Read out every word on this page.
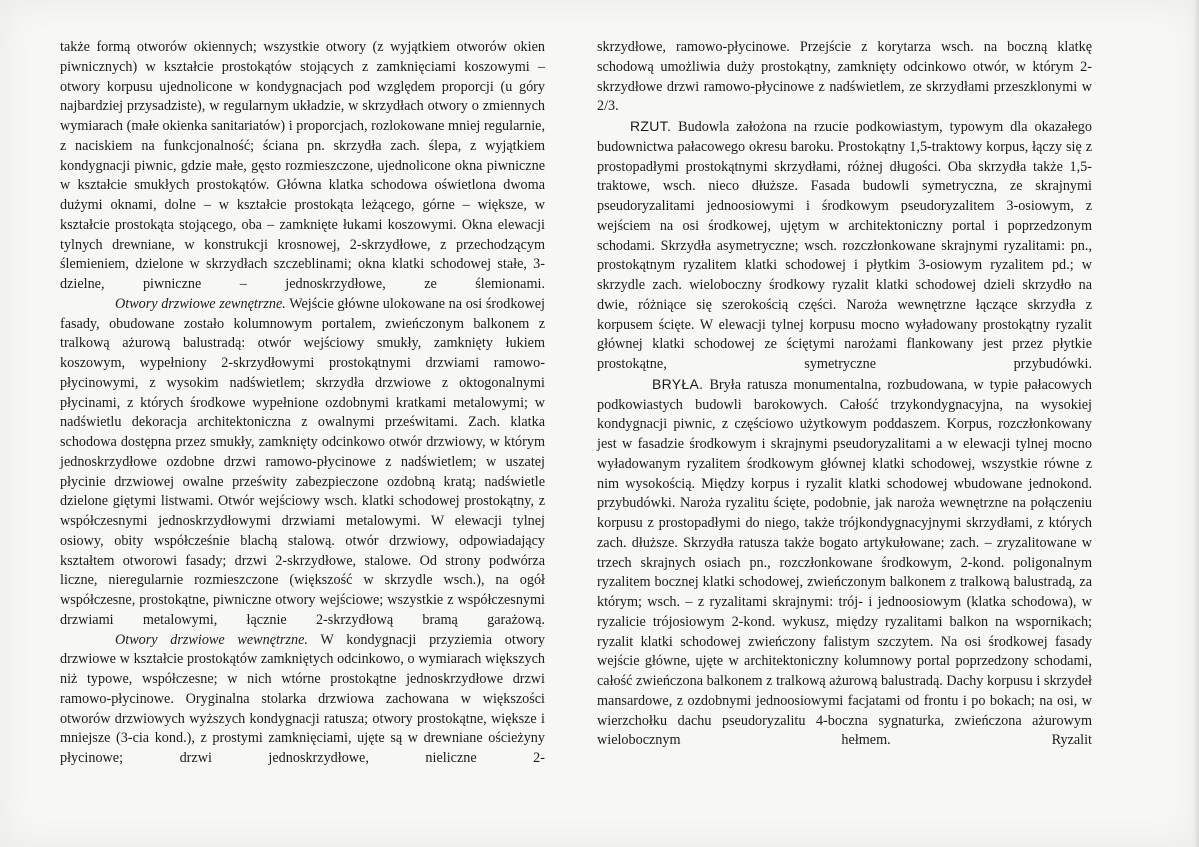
także formą otworów okiennych; wszystkie otwory (z wyjątkiem otworów okien piwnicznych) w kształcie prostokątów stojących z zamknięciami koszowymi – otwory korpusu ujednolicone w kondygnacjach pod względem proporcji (u góry najbardziej przysadziste), w regularnym układzie, w skrzydłach otwory o zmiennych wymiarach (małe okienka sanitariatów) i proporcjach, rozlokowane mniej regularnie, z naciskiem na funkcjonalność; ściana pn. skrzydła zach. ślepa, z wyjątkiem kondygnacji piwnic, gdzie małe, gęsto rozmieszczone, ujednolicone okna piwniczne w kształcie smukłych prostokątów. Główna klatka schodowa oświetlona dwoma dużymi oknami, dolne – w kształcie prostokąta leżącego, górne – większe, w kształcie prostokąta stojącego, oba – zamknięte łukami koszowymi. Okna elewacji tylnych drewniane, w konstrukcji krosnowej, 2-skrzydłowe, z przechodzącym ślemieniem, dzielone w skrzydłach szczeblinami; okna klatki schodowej stałe, 3-dzielne, piwniczne – jednoskrzydłowe, ze ślemionami.

Otwory drzwiowe zewnętrzne. Wejście główne ulokowane na osi środkowej fasady, obudowane zostało kolumnowym portalem, zwieńczonym balkonem z tralkową ażurową balustradą: otwór wejściowy smukły, zamknięty łukiem koszowym, wypełniony 2-skrzydłowymi prostokątnymi drzwiami ramowo-płycinowymi, z wysokim nadświetlem; skrzydła drzwiowe z oktogonalnymi płycinami, z których środkowe wypełnione ozdobnymi kratkami metalowymi; w nadświetlu dekoracja architektoniczna z owalnymi prześwitami. Zach. klatka schodowa dostępna przez smukły, zamknięty odcinkowo otwór drzwiowy, w którym jednoskrzydłowe ozdobne drzwi ramowo-płycinowe z nadświetlem; w uszatej płycinie drzwiowej owalne prześwity zabezpieczone ozdobną kratą; nadświetle dzielone giętymi listwami. Otwór wejściowy wsch. klatki schodowej prostokątny, z współczesnymi jednoskrzydłowymi drzwiami metalowymi. W elewacji tylnej osiowy, obity współcześnie blachą stalową. otwór drzwiowy, odpowiadający kształtem otworowi fasady; drzwi 2-skrzydłowe, stalowe. Od strony podwórza liczne, nieregularnie rozmieszczone (większość w skrzydle wsch.), na ogół współczesne, prostokątne, piwniczne otwory wejściowe; wszystkie z współczesnymi drzwiami metalowymi, łącznie 2-skrzydłową bramą garażową.

Otwory drzwiowe wewnętrzne. W kondygnacji przyziemia otwory drzwiowe w kształcie prostokątów zamkniętych odcinkowo, o wymiarach większych niż typowe, współczesne; w nich wtórne prostokątne jednoskrzydłowe drzwi ramowo-płycinowe. Oryginalna stolarka drzwiowa zachowana w większości otworów drzwiowych wyższych kondygnacji ratusza; otwory prostokątne, większe i mniejsze (3-cia kond.), z prostymi zamknięciami, ujęte są w drewniane ościeżyny płycinowe; drzwi jednoskrzydłowe, nieliczne 2-

skrzydłowe, ramowo-płycinowe. Przejście z korytarza wsch. na boczną klatkę schodową umożliwia duży prostokątny, zamknięty odcinkowo otwór, w którym 2-skrzydłowe drzwi ramowo-płycinowe z nadświetlem, ze skrzydłami przeszklonymi w 2/3.

RZUT. Budowla założona na rzucie podkowiastym, typowym dla okazałego budownictwa pałacowego okresu baroku. Prostokątny 1,5-traktowy korpus, łączy się z prostopadłymi prostokątnymi skrzydłami, różnej długości. Oba skrzydła także 1,5-traktowe, wsch. nieco dłuższe. Fasada budowli symetryczna, ze skrajnymi pseudoryzalitami jednoosiowymi i środkowym pseudoryzalitem 3-osiowym, z wejściem na osi środkowej, ujętym w architektoniczny portal i poprzedzonym schodami. Skrzydła asymetryczne; wsch. rozczłonkowane skrajnymi ryzalitami: pn., prostokątnym ryzalitem klatki schodowej i płytkim 3-osiowym ryzalitem pd.; w skrzydle zach. wieloboczny środkowy ryzalit klatki schodowej dzieli skrzydło na dwie, różniące się szerokością części. Naroża wewnętrzne łączące skrzydła z korpusem ścięte. W elewacji tylnej korpusu mocno wyładowany prostokątny ryzalit głównej klatki schodowej ze ściętymi narożami flankowany jest przez płytkie prostokątne, symetryczne przybudówki.

BRYŁA. Bryła ratusza monumentalna, rozbudowana, w typie pałacowych podkowiastych budowli barokowych. Całość trzykondygnacyjna, na wysokiej kondygnacji piwnic, z częściowo użytkowym poddaszem. Korpus, rozczłonkowany jest w fasadzie środkowym i skrajnymi pseudoryzalitami a w elewacji tylnej mocno wyładowanym ryzalitem środkowym głównej klatki schodowej, wszystkie równe z nim wysokością. Między korpus i ryzalit klatki schodowej wbudowane jednokond. przybudówki. Naroża ryzalitu ścięte, podobnie, jak naroża wewnętrzne na połączeniu korpusu z prostopadłymi do niego, także trójkondygnacyjnymi skrzydłami, z których zach. dłuższe. Skrzydła ratusza także bogato artykułowane; zach. – zryzalitowane w trzech skrajnych osiach pn., rozczłonkowane środkowym, 2-kond. poligonalnym ryzalitem bocznej klatki schodowej, zwieńczonym balkonem z tralkową balustradą, za którym; wsch. – z ryzalitami skrajnymi: trój- i jednoosiowym (klatka schodowa), w ryzalicie trójosiowym 2-kond. wykusz, między ryzalitami balkon na wspornikach; ryzalit klatki schodowej zwieńczony falistym szczytem. Na osi środkowej fasady wejście główne, ujęte w architektoniczny kolumnowy portal poprzedzony schodami, całość zwieńczona balkonem z tralkową ażurową balustradą. Dachy korpusu i skrzydeł mansardowe, z ozdobnymi jednoosiowymi facjatami od frontu i po bokach; na osi, w wierzchołku dachu pseudoryzalitu 4-boczna sygnaturka, zwieńczona ażurowym wielobocznym hełmem. Ryzalit
